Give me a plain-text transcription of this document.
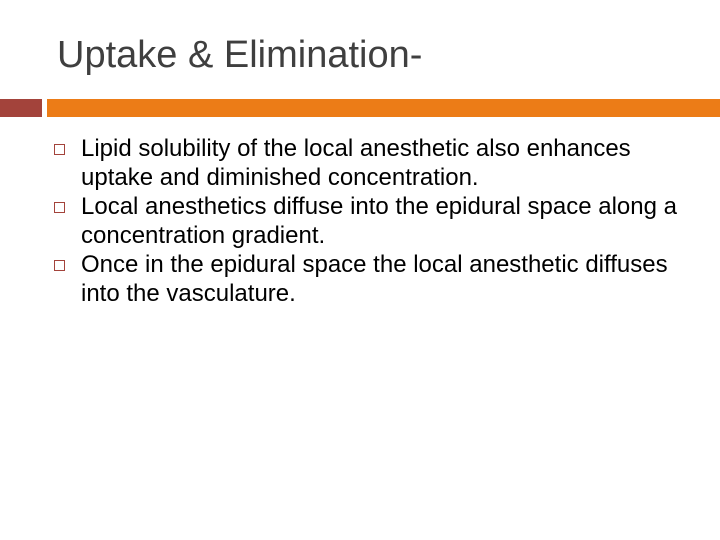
Uptake & Elimination-
Lipid solubility of the local anesthetic also enhances uptake and diminished concentration.
Local anesthetics diffuse into the epidural space along a concentration gradient.
Once in the epidural space the local anesthetic diffuses into the vasculature.
